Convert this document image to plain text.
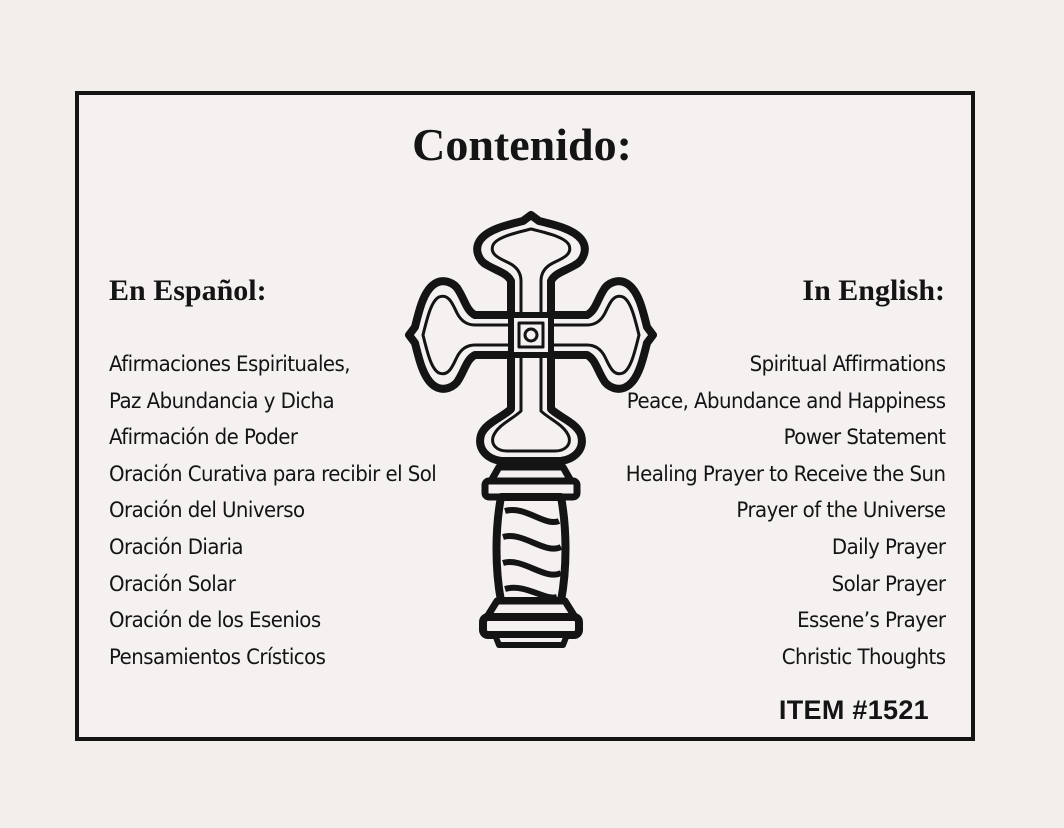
Contenido:
En Español:	In English:
Afirmaciones Espirituales,
Paz Abundancia y Dicha
Afirmación de Poder
Oración Curativa para recibir el Sol
Oración del Universo
Oración Diaria
Oración Solar
Oración de los Esenios
Pensamientos Crísticos
Spiritual Affirmations
Peace, Abundance and Happiness
Power Statement
Healing Prayer to Receive the Sun
Prayer of the Universe
Daily Prayer
Solar Prayer
Essene’s Prayer
Christic Thoughts
ITEM #1521
